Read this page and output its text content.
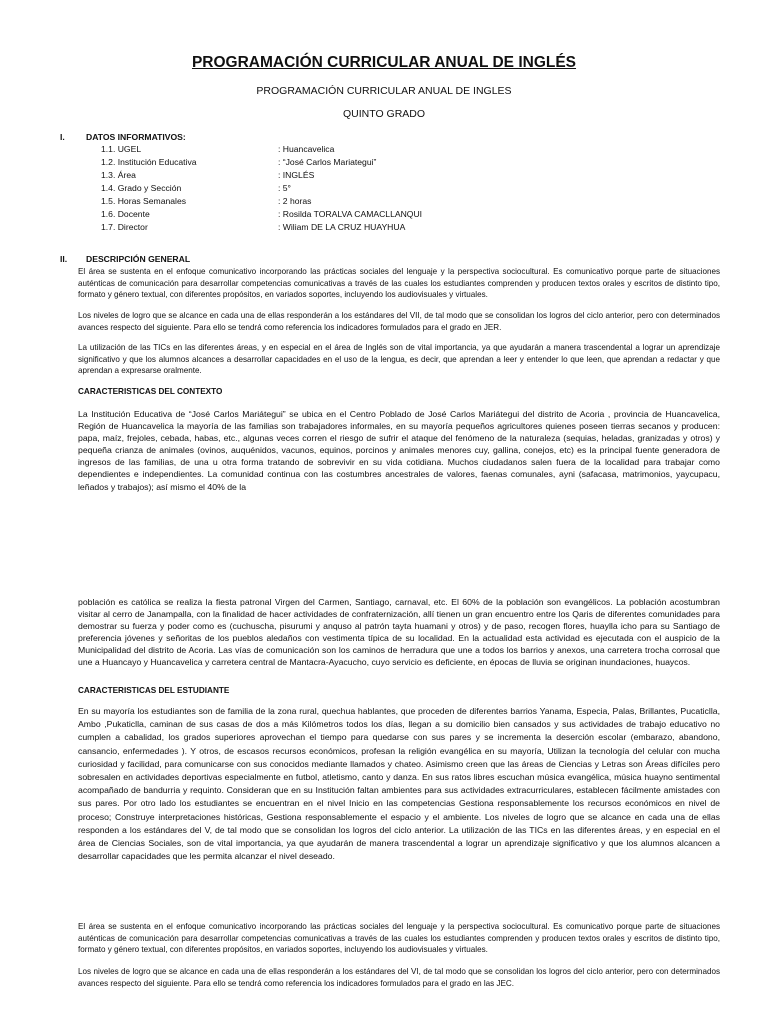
PROGRAMACIÓN CURRICULAR ANUAL DE INGLÉS
PROGRAMACIÓN CURRICULAR ANUAL DE INGLES
QUINTO GRADO
I. DATOS INFORMATIVOS:
1.1. UGEL	: Huancavelica
1.2. Institución Educativa	: “José Carlos Mariategui”
1.3. Área	: INGLÉS
1.4. Grado y Sección	: 5°
1.5. Horas Semanales	: 2 horas
1.6. Docente	: Rosilda TORALVA CAMACLLANQUI
1.7. Director	: Wiliam DE LA CRUZ HUAYHUA
II. DESCRIPCIÓN GENERAL
El área se sustenta en el enfoque comunicativo incorporando las prácticas sociales del lenguaje y la perspectiva sociocultural. Es comunicativo porque parte de situaciones auténticas de comunicación para desarrollar competencias comunicativas a través de las cuales los estudiantes comprenden y producen textos orales y escritos de distinto tipo, formato y género textual, con diferentes propósitos, en variados soportes, incluyendo los audiovisuales y virtuales.
Los niveles de logro que se alcance en cada una de ellas responderán a los estándares del VII, de tal modo que se consolidan los logros del ciclo anterior, pero con determinados avances respecto del siguiente. Para ello se tendrá como referencia los indicadores formulados para el grado en JER.
La utilización de las TICs en las diferentes áreas, y en especial en el área de Inglés son de vital importancia, ya que ayudarán a manera trascendental a lograr un aprendizaje significativo y que los alumnos alcances a desarrollar capacidades en el uso de la lengua, es decir, que aprendan a leer y entender lo que leen, que aprendan a redactar y que aprendan a expresarse oralmente.
CARACTERISTICAS DEL CONTEXTO
La Institución Educativa de “José Carlos Mariátegui” se ubica en el Centro Poblado de José Carlos Mariátegui del distrito de Acoria , provincia de Huancavelica, Región de Huancavelica la mayoría de las familias son trabajadores informales, en su mayoría pequeños agricultores quienes poseen tierras secanos y producen: papa, maíz, frejoles, cebada, habas, etc., algunas veces corren el riesgo de sufrir el ataque del fenómeno de la naturaleza (sequias, heladas, granizadas y otros) y pequeña crianza de animales (ovinos, auquénidos, vacunos, equinos, porcinos y animales menores cuy, gallina, conejos, etc) es la principal fuente generadora de ingresos de las familias, de una u otra forma tratando de sobrevivir en su vida cotidiana. Muchos ciudadanos salen fuera de la localidad para trabajar como dependientes e independientes. La comunidad continua con las costumbres ancestrales de valores, faenas comunales, ayni (safacasa, matrimonios, yaycupacu, leñados y trabajos); así mismo el 40% de la
población es católica se realiza la fiesta patronal Virgen del Carmen, Santiago, carnaval, etc. El 60% de la población son evangélicos. La población acostumbran visitar al cerro de Janampalla, con la finalidad de hacer actividades de confraternización, allí tienen un gran encuentro entre los Qaris de diferentes comunidades para demostrar su fuerza y poder como es (cuchuscha, pisurumi y anquso al patrón tayta huamani y otros) y de paso, recogen flores, huaylla icho para su Santiago de preferencia jóvenes y señoritas de los pueblos aledaños con vestimenta típica de su localidad. En la actualidad esta actividad es ejecutada con el auspicio de la Municipalidad del distrito de Acoria. Las vías de comunicación son los caminos de herradura que une a todos los barrios y anexos, una carretera trocha corrosal que une a Huancayo y Huancavelica y carretera central de Mantacra-Ayacucho, cuyo servicio es deficiente, en épocas de lluvia se originan inundaciones, huaycos.
CARACTERISTICAS DEL ESTUDIANTE
En su mayoría los estudiantes son de familia de la zona rural, quechua hablantes, que proceden de diferentes barrios Yanama, Especia, Palas, Brillantes, Pucaticlla, Ambo ,Pukaticlla, caminan de sus casas de dos a más Kilómetros todos los días, llegan a su domicilio bien cansados y sus actividades de trabajo educativo no cumplen a cabalidad, los grados superiores aprovechan el tiempo para quedarse con sus pares y se incrementa la deserción escolar (embarazo, abandono, cansancio, enfermedades ). Y otros, de escasos recursos económicos, profesan la religión evangélica en su mayoría, Utilizan la tecnología del celular con mucha curiosidad y facilidad, para comunicarse con sus conocidos mediante llamados y chateo. Asimismo creen que las áreas de Ciencias y Letras son Áreas difíciles pero sobresalen en actividades deportivas especialmente en futbol, atletismo, canto y danza. En sus ratos libres escuchan música evangélica, música huayno sentimental acompañado de bandurria y requinto. Consideran que en su Institución faltan ambientes para sus actividades extracurriculares, establecen fácilmente amistades con sus pares. Por otro lado los estudiantes se encuentran en el nivel Inicio en las competencias Gestiona responsablemente los recursos económicos en nivel de proceso; Construye interpretaciones históricas, Gestiona responsablemente el espacio y el ambiente. Los niveles de logro que se alcance en cada una de ellas responden a los estándares del V, de tal modo que se consolidan los logros del ciclo anterior. La utilización de las TICs en las diferentes áreas, y en especial en el área de Ciencias Sociales, son de vital importancia, ya que ayudarán de manera trascendental a lograr un aprendizaje significativo y que los alumnos alcancen a desarrollar capacidades que les permita alcanzar el nivel deseado.
El área se sustenta en el enfoque comunicativo incorporando las prácticas sociales del lenguaje y la perspectiva sociocultural. Es comunicativo porque parte de situaciones auténticas de comunicación para desarrollar competencias comunicativas a través de las cuales los estudiantes comprenden y producen textos orales y escritos de distinto tipo, formato y género textual, con diferentes propósitos, en variados soportes, incluyendo los audiovisuales y virtuales.
Los niveles de logro que se alcance en cada una de ellas responderán a los estándares del VI, de tal modo que se consolidan los logros del ciclo anterior, pero con determinados avances respecto del siguiente. Para ello se tendrá como referencia los indicadores formulados para el grado en las JEC.
